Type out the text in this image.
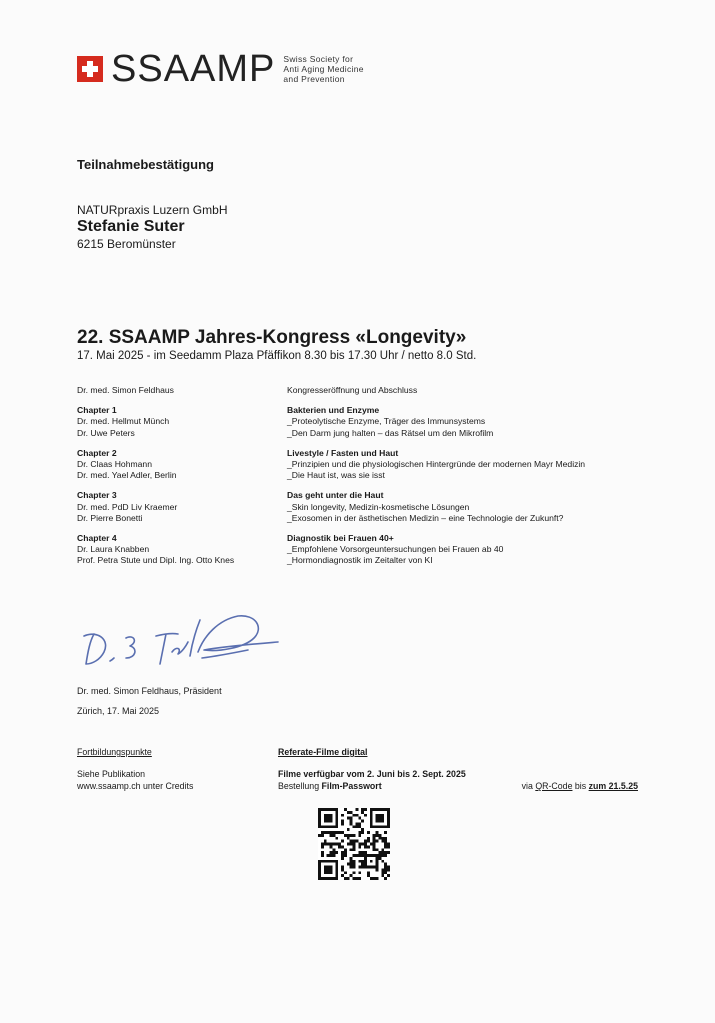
SSAAMP Swiss Society for
Anti Aging Medicine
and Prevention
Teilnahmebestätigung
NATURpraxis Luzern GmbH
Stefanie Suter
6215 Beromünster
22. SSAAMP Jahres-Kongress «Longevity»
17. Mai 2025 - im Seedamm Plaza Pfäffikon 8.30 bis 17.30 Uhr / netto 8.0 Std.
Dr. med. Simon Feldhaus	Kongresseröffnung und Abschluss
Chapter 1
Dr. med. Hellmut Münch
Dr. Uwe Peters
Bakterien und Enzyme
_Proteolytische Enzyme, Träger des Immunsystems
_Den Darm jung halten – das Rätsel um den Mikrofilm
Chapter 2
Dr. Claas Hohmann
Dr. med. Yael Adler, Berlin
Livestyle / Fasten und Haut
_Prinzipien und die physiologischen Hintergründe der modernen Mayr Medizin
_Die Haut ist, was sie isst
Chapter 3
Dr. med. PdD Liv Kraemer
Dr. Pierre Bonetti
Das geht unter die Haut
_Skin longevity, Medizin-kosmetische Lösungen
_Exosomen in der ästhetischen Medizin – eine Technologie der Zukunft?
Chapter 4
Dr. Laura Knabben
Prof. Petra Stute und Dipl. Ing. Otto Knes
Diagnostik bei Frauen 40+
_Empfohlene Vorsorgeuntersuchungen bei Frauen ab 40
_Hormondiagnostik im Zeitalter von KI
Dr. med. Simon Feldhaus, Präsident
Zürich, 17. Mai 2025
Fortbildungspunkte
Siehe Publikation
www.ssaamp.ch unter Credits
Referate-Filme digital
Filme verfügbar vom 2. Juni bis 2. Sept. 2025
Bestellung Film-Passwort	via QR-Code bis zum 21.5.25
